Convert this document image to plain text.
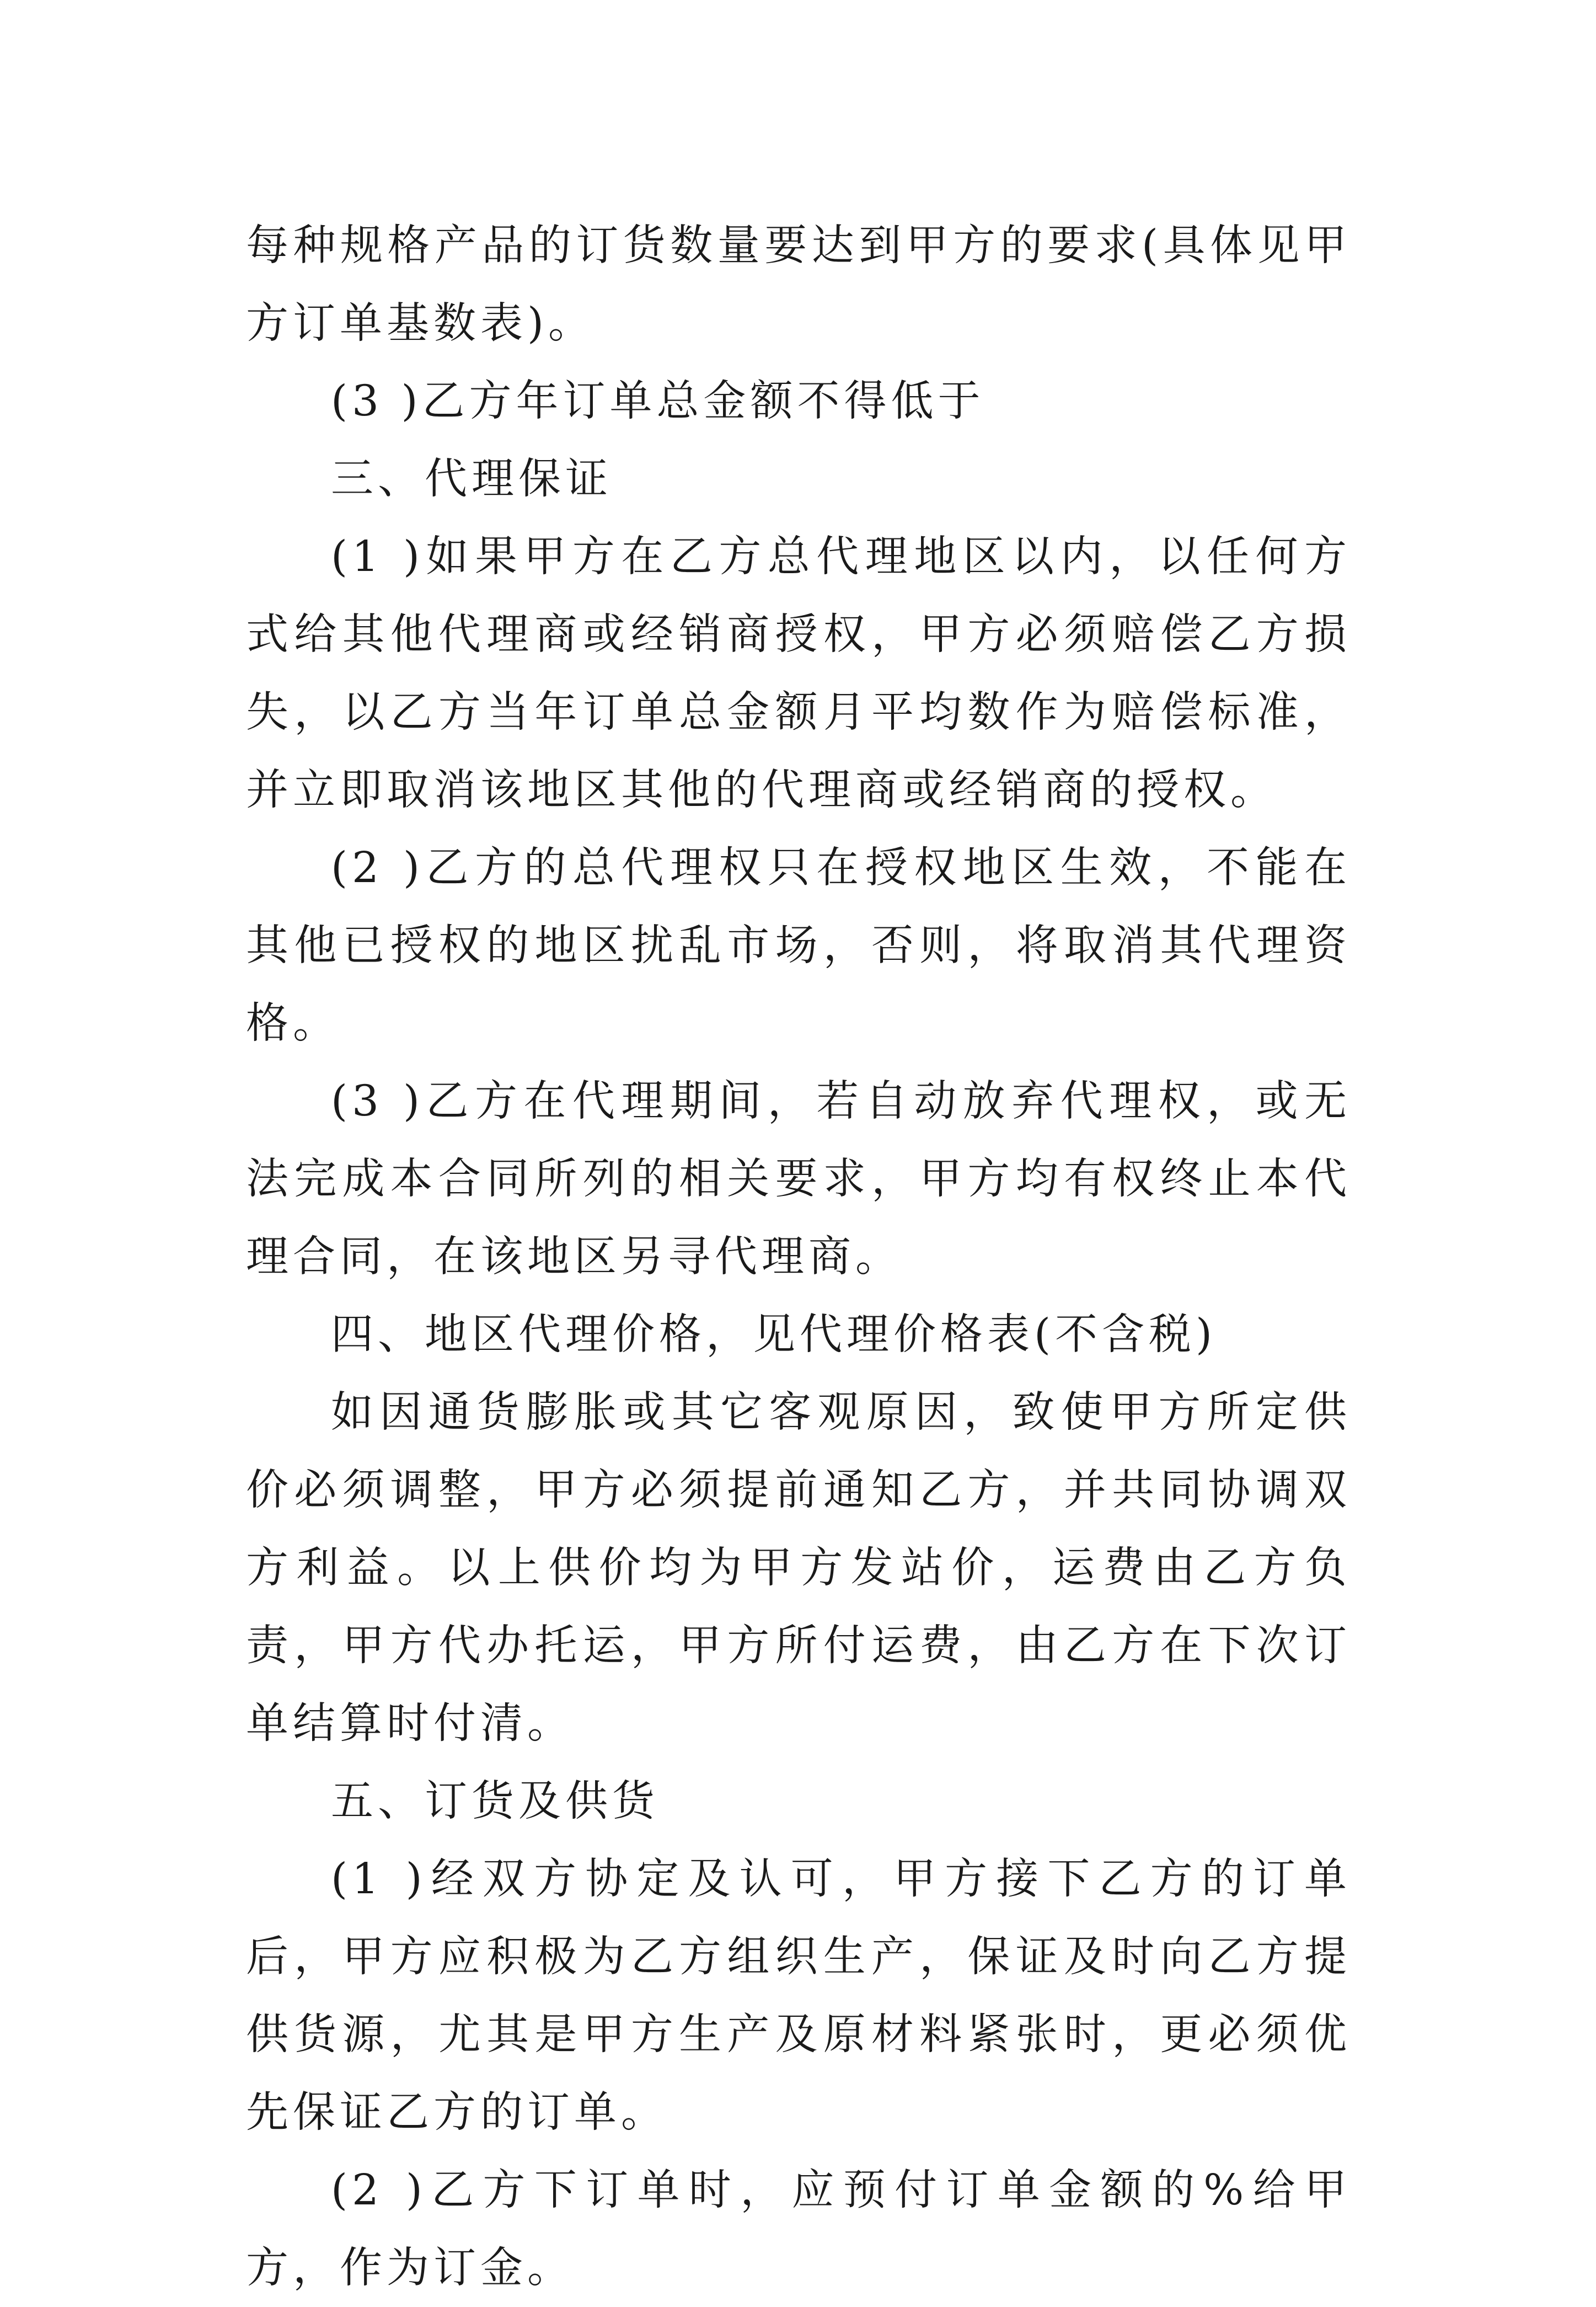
每种规格产品的订货数量要达到甲方的要求(具体见甲方订单基数表)。

(3 )乙方年订单总金额不得低于

三、代理保证

(1 )如果甲方在乙方总代理地区以内，以任何方式给其他代理商或经销商授权，甲方必须赔偿乙方损失，以乙方当年订单总金额月平均数作为赔偿标准，并立即取消该地区其他的代理商或经销商的授权。

(2 )乙方的总代理权只在授权地区生效，不能在其他已授权的地区扰乱市场，否则，将取消其代理资格。

(3 )乙方在代理期间，若自动放弃代理权，或无法完成本合同所列的相关要求，甲方均有权终止本代理合同，在该地区另寻代理商。

四、地区代理价格，见代理价格表(不含税)

如因通货膨胀或其它客观原因，致使甲方所定供价必须调整，甲方必须提前通知乙方，并共同协调双方利益。以上供价均为甲方发站价，运费由乙方负责，甲方代办托运，甲方所付运费，由乙方在下次订单结算时付清。

五、订货及供货

(1 )经双方协定及认可，甲方接下乙方的订单后，甲方应积极为乙方组织生产，保证及时向乙方提供货源，尤其是甲方生产及原材料紧张时，更必须优先保证乙方的订单。

(2 )乙方下订单时，应预付订单金额的%给甲方，作为订金。
